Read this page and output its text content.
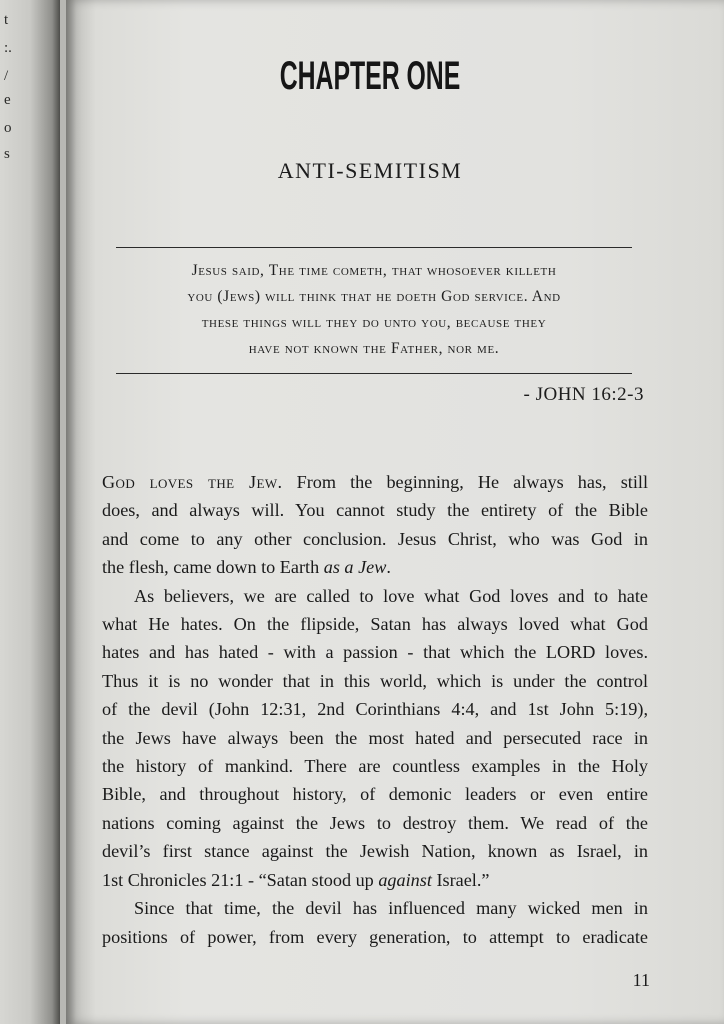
t
:.
/
e
o
s
CHAPTER ONE
ANTI-SEMITISM
Jesus said, The time cometh, that whosoever killeth
you (Jews) will think that he doeth God service. And
these things will they do unto you, because they
have not known the Father, nor me.
- JOHN 16:2-3
God loves the Jew. From the beginning, He always has, still
does, and always will. You cannot study the entirety of the Bible
and come to any other conclusion. Jesus Christ, who was God in
the flesh, came down to Earth as a Jew.
As believers, we are called to love what God loves and to hate
what He hates. On the flipside, Satan has always loved what God
hates and has hated - with a passion - that which the LORD loves.
Thus it is no wonder that in this world, which is under the control
of the devil (John 12:31, 2nd Corinthians 4:4, and 1st John 5:19),
the Jews have always been the most hated and persecuted race in
the history of mankind. There are countless examples in the Holy
Bible, and throughout history, of demonic leaders or even entire
nations coming against the Jews to destroy them. We read of the
devil’s first stance against the Jewish Nation, known as Israel, in
1st Chronicles 21:1 - “Satan stood up against Israel.”
Since that time, the devil has influenced many wicked men in
positions of power, from every generation, to attempt to eradicate
11
